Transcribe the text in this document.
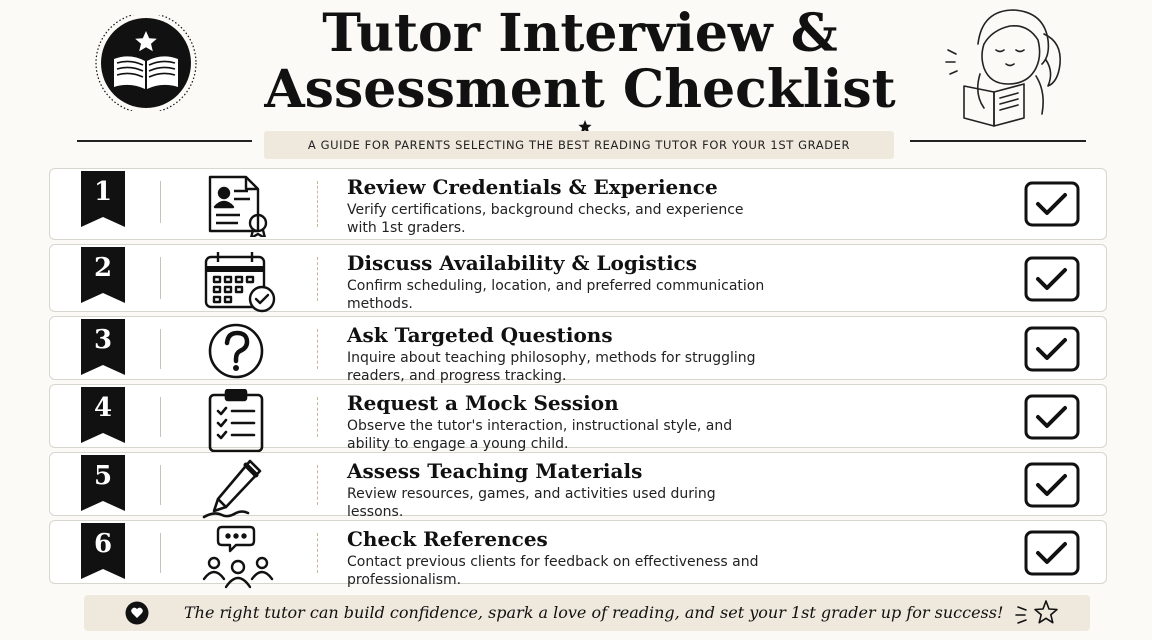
Tutor Interview & Assessment Checklist
A GUIDE FOR PARENTS SELECTING THE BEST READING TUTOR FOR YOUR 1ST GRADER
1	Review Credentials & Experience
Verify certifications, background checks, and experience with 1st graders.
2	Discuss Availability & Logistics
Confirm scheduling, location, and preferred communication methods.
3	Ask Targeted Questions
Inquire about teaching philosophy, methods for struggling readers, and progress tracking.
4	Request a Mock Session
Observe the tutor's interaction, instructional style, and ability to engage a young child.
5	Assess Teaching Materials
Review resources, games, and activities used during lessons.
6	Check References
Contact previous clients for feedback on effectiveness and professionalism.
The right tutor can build confidence, spark a love of reading, and set your 1st grader up for success!
